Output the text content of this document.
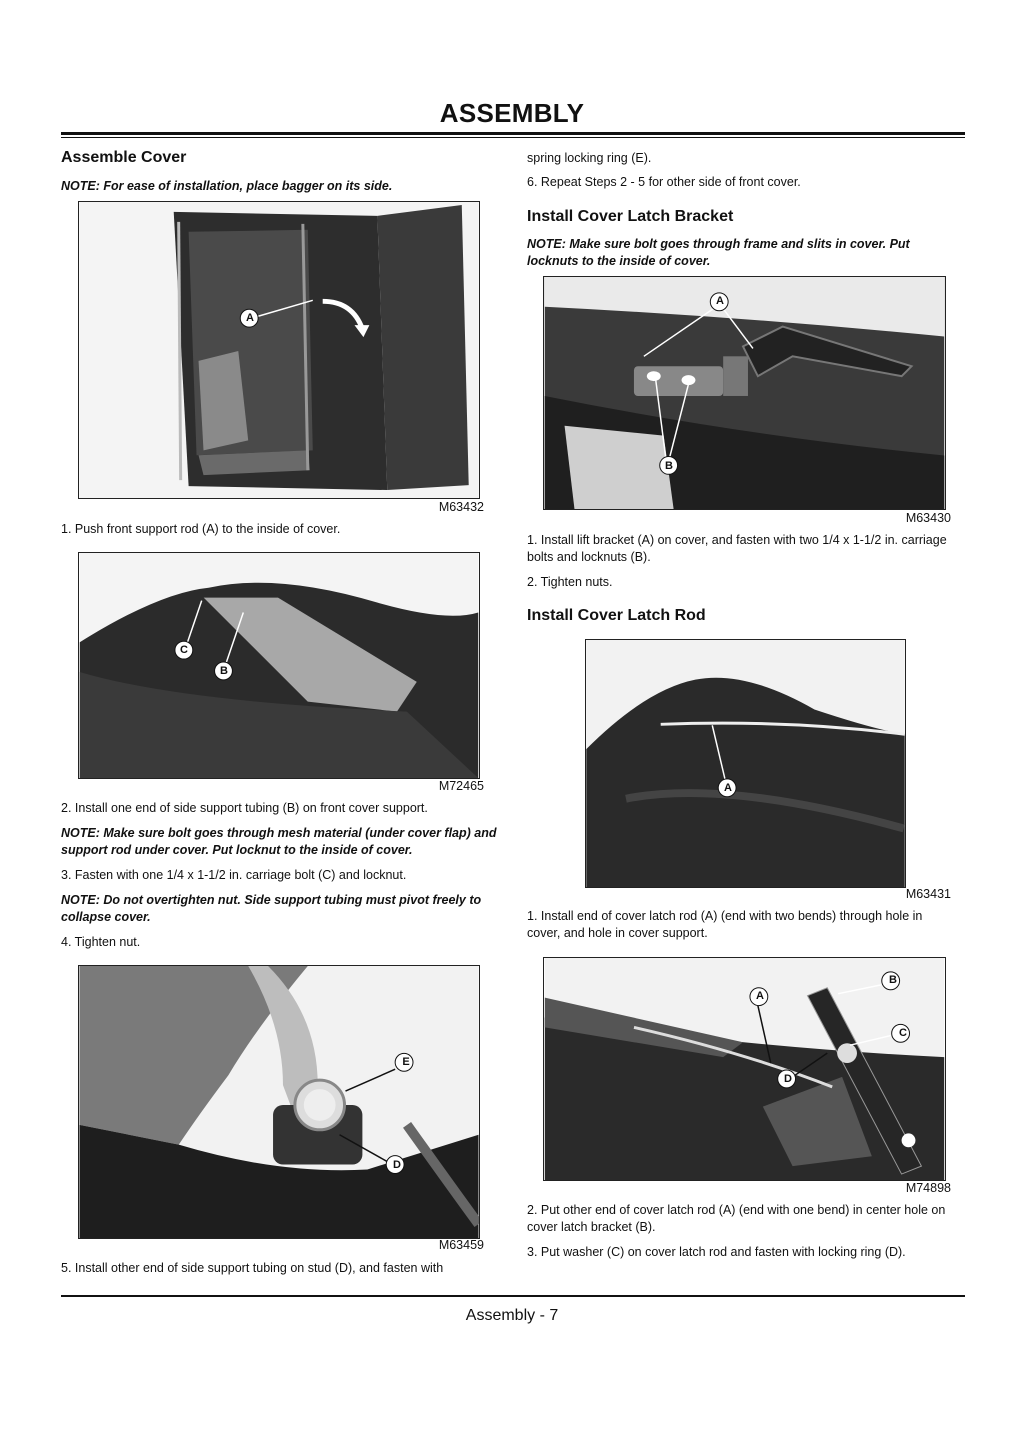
ASSEMBLY
Assemble Cover
NOTE: For ease of installation, place bagger on its side.
A
M63432
1. Push front support rod (A) to the inside of cover.
C
B
M72465
2. Install one end of side support tubing (B) on front cover support.
NOTE: Make sure bolt goes through mesh material (under cover flap) and support rod under cover. Put locknut to the inside of cover.
3. Fasten with one 1/4 x 1-1/2 in. carriage bolt (C) and locknut.
NOTE: Do not overtighten nut. Side support tubing must pivot freely to collapse cover.
4. Tighten nut.
E
D
M63459
5. Install other end of side support tubing on stud (D), and fasten with
spring locking ring (E).
6. Repeat Steps 2 - 5 for other side of front cover.
Install Cover Latch Bracket
NOTE: Make sure bolt goes through frame and slits in cover. Put locknuts to the inside of cover.
A
B
M63430
1. Install lift bracket (A) on cover, and fasten with two 1/4 x 1-1/2 in. carriage bolts and locknuts (B).
2. Tighten nuts.
Install Cover Latch Rod
A
M63431
1. Install end of cover latch rod (A) (end with two bends) through hole in cover, and hole in cover support.
B
A
C
D
M74898
2. Put other end of cover latch rod (A) (end with one bend) in center hole on cover latch bracket (B).
3. Put washer (C) on cover latch rod and fasten with locking ring (D).
Assembly - 7
